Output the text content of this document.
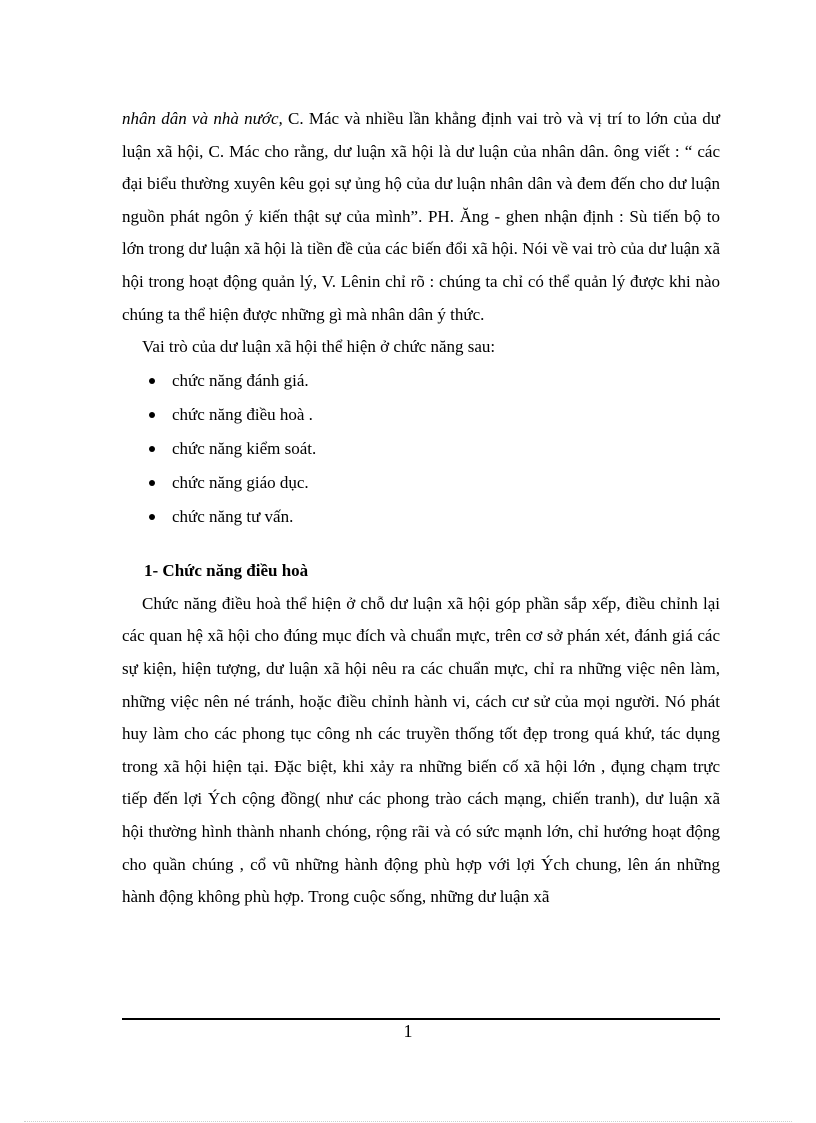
nhân dân và nhà nước, C. Mác và nhiều lần khẳng định vai trò và vị trí to lớn của dư luận xã hội, C. Mác cho rằng, dư luận xã hội là dư luận của nhân dân. ông viết : “ các đại biểu thường xuyên kêu gọi sự ủng hộ của dư luận nhân dân và đem đến cho dư luận nguồn phát ngôn ý kiến thật sự của mình”. PH. Ăng - ghen nhận định : Sù tiến bộ to lớn trong dư luận xã hội là tiền đề của các biến đổi xã hội. Nói về vai trò của dư luận xã hội trong hoạt động quản lý, V. Lênin chỉ rõ : chúng ta chỉ có thể quản lý được khi nào chúng ta thể hiện được những gì mà nhân dân ý thức.

Vai trò của dư luận xã hội thể hiện ở chức năng sau:

chức năng đánh giá.
chức năng điều hoà .
chức năng kiểm soát.
chức năng giáo dục.
chức năng tư vấn.

1- Chức năng điều hoà

Chức năng điều hoà thể hiện ở chỗ dư luận xã hội góp phần sắp xếp, điều chỉnh lại các quan hệ xã hội cho đúng mục đích và chuẩn mực, trên cơ sở phán xét, đánh giá các sự kiện, hiện tượng, dư luận xã hội nêu ra các chuẩn mực, chỉ ra những việc nên làm, những việc nên né tránh, hoặc điều chỉnh hành vi, cách cư sử của mọi người. Nó phát huy làm cho các phong tục công nh các truyền thống tốt đẹp trong quá khứ, tác dụng trong xã hội hiện tại. Đặc biệt, khi xảy ra những biến cố xã hội lớn , đụng chạm trực tiếp đến lợi Ých cộng đồng( như các phong trào cách mạng, chiến tranh), dư luận xã hội thường hình thành nhanh chóng, rộng rãi và có sức mạnh lớn, chỉ hướng hoạt động cho quần chúng , cổ vũ những hành động phù hợp với lợi Ých chung, lên án những hành động không phù hợp. Trong cuộc sống, những dư luận xã

1
